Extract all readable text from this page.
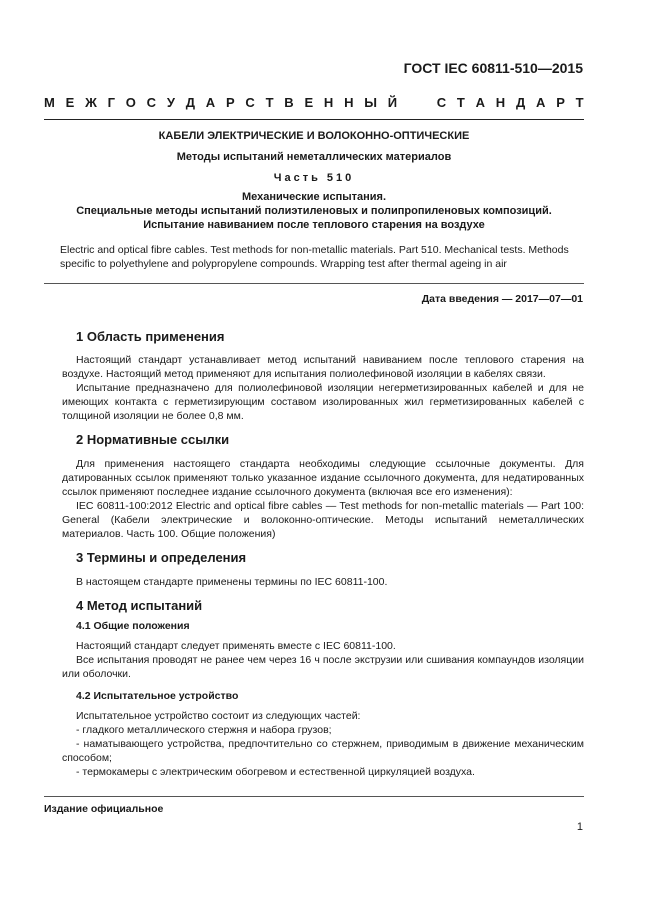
ГОСТ IEC 60811-510—2015
М Е Ж Г О С У Д А Р С Т В Е Н Н Ы Й

	С Т А Н Д А Р Т
КАБЕЛИ ЭЛЕКТРИЧЕСКИЕ И ВОЛОКОННО-ОПТИЧЕСКИЕ
Методы испытаний неметаллических материалов
Часть 510
Механические испытания.
Специальные методы испытаний полиэтиленовых и полипропиленовых композиций.
Испытание навиванием после теплового старения на воздухе
Electric and optical fibre cables. Test methods for non-metallic materials. Part 510. Mechanical tests. Methods specific to polyethylene and polypropylene compounds. Wrapping test after thermal ageing in air
Дата введения — 2017—07—01
1 Область применения

Настоящий стандарт устанавливает метод испытаний навиванием после теплового старения на воздухе. Настоящий метод применяют для испытания полиолефиновой изоляции в кабелях связи.

Испытание предназначено для полиолефиновой изоляции негерметизированных кабелей и для не имеющих контакта с герметизирующим составом изолированных жил герметизированных кабелей с толщиной изоляции не более 0,8 мм.

2 Нормативные ссылки

Для применения настоящего стандарта необходимы следующие ссылочные документы. Для датированных ссылок применяют только указанное издание ссылочного документа, для недатированных ссылок применяют последнее издание ссылочного документа (включая все его изменения):

IEC 60811-100:2012 Electric and optical fibre cables — Test methods for non-metallic materials — Part 100: General (Кабели электрические и волоконно-оптические. Методы испытаний неметаллических материалов. Часть 100. Общие положения)

3 Термины и определения

В настоящем стандарте применены термины по IEC 60811-100.

4 Метод испытаний
4.1 Общие положения

Настоящий стандарт следует применять вместе с IEC 60811-100.

Все испытания проводят не ранее чем через 16 ч после экструзии или сшивания компаундов изоляции или оболочки.

4.2 Испытательное устройство

Испытательное устройство состоит из следующих частей:

- гладкого металлического стержня и набора грузов;

- наматывающего устройства, предпочтительно со стержнем, приводимым в движение механическим способом;

- термокамеры с электрическим обогревом и естественной циркуляцией воздуха.

Издание официальное
1
